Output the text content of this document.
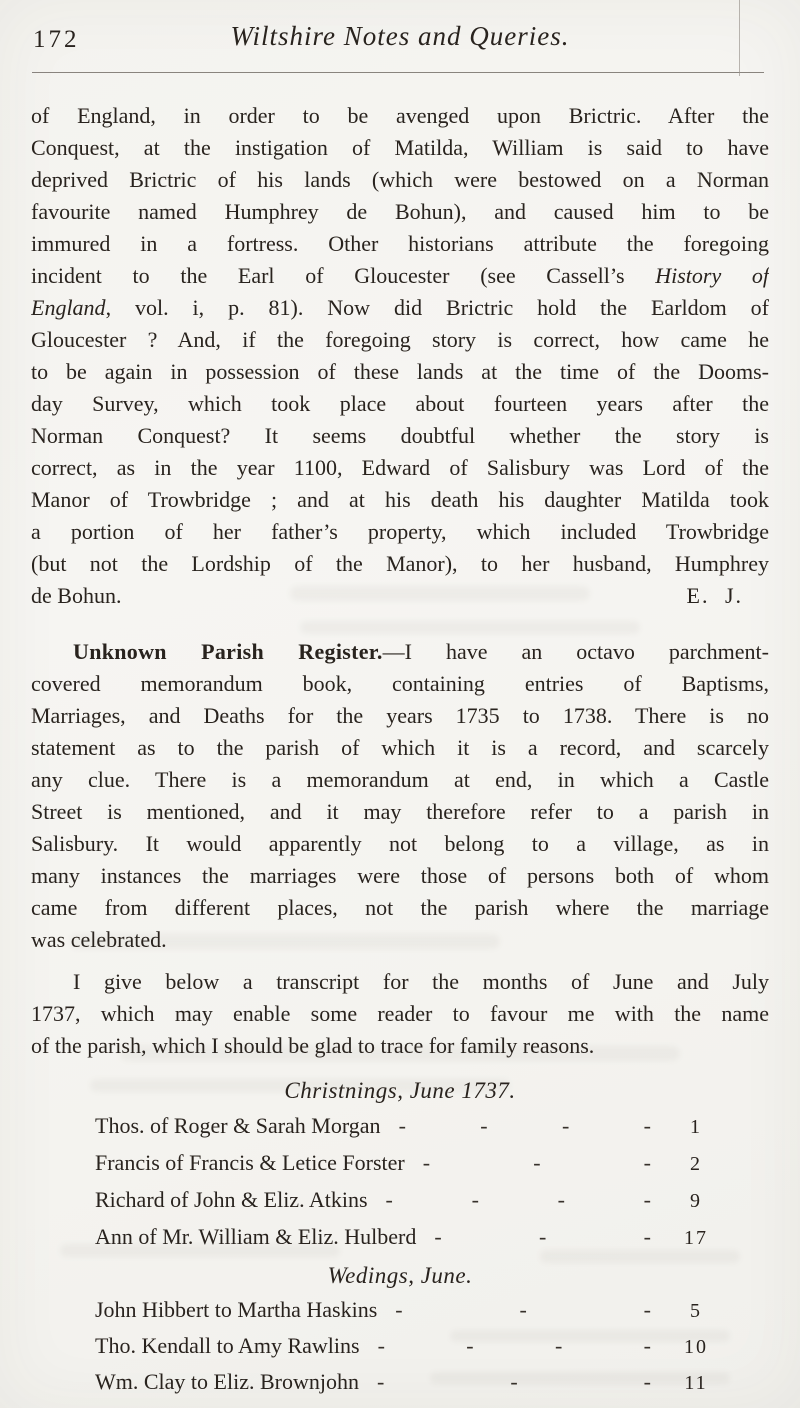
172	Wiltshire Notes and Queries.
of England, in order to be avenged upon Brictric. After the
Conquest, at the instigation of Matilda, William is said to have
deprived Brictric of his lands (which were bestowed on a Norman
favourite named Humphrey de Bohun), and caused him to be
immured in a fortress. Other historians attribute the foregoing
incident to the Earl of Gloucester (see Cassell’s History of
England, vol. i, p. 81). Now did Brictric hold the Earldom of
Gloucester ? And, if the foregoing story is correct, how came he
to be again in possession of these lands at the time of the Dooms-
day Survey, which took place about fourteen years after the
Norman Conquest? It seems doubtful whether the story is
correct, as in the year 1100, Edward of Salisbury was Lord of the
Manor of Trowbridge ; and at his death his daughter Matilda took
a portion of her father’s property, which included Trowbridge
(but not the Lordship of the Manor), to her husband, Humphrey
de Bohun.	E. J.
Unknown Parish Register.—I have an octavo parchment-
covered memorandum book, containing entries of Baptisms,
Marriages, and Deaths for the years 1735 to 1738. There is no
statement as to the parish of which it is a record, and scarcely
any clue. There is a memorandum at end, in which a Castle
Street is mentioned, and it may therefore refer to a parish in
Salisbury. It would apparently not belong to a village, as in
many instances the marriages were those of persons both of whom
came from different places, not the parish where the marriage
was celebrated.
I give below a transcript for the months of June and July
1737, which may enable some reader to favour me with the name
of the parish, which I should be glad to trace for family reasons.
Christnings, June 1737.
Thos. of Roger & Sarah Morgan - - - -	1
Francis of Francis & Letice Forster - - -	2
Richard of John & Eliz. Atkins - - - -	9
Ann of Mr. William & Eliz. Hulberd - - -	17
Wedings, June.
John Hibbert to Martha Haskins - - -	5
Tho. Kendall to Amy Rawlins - - - -	10
Wm. Clay to Eliz. Brownjohn - - -	11
